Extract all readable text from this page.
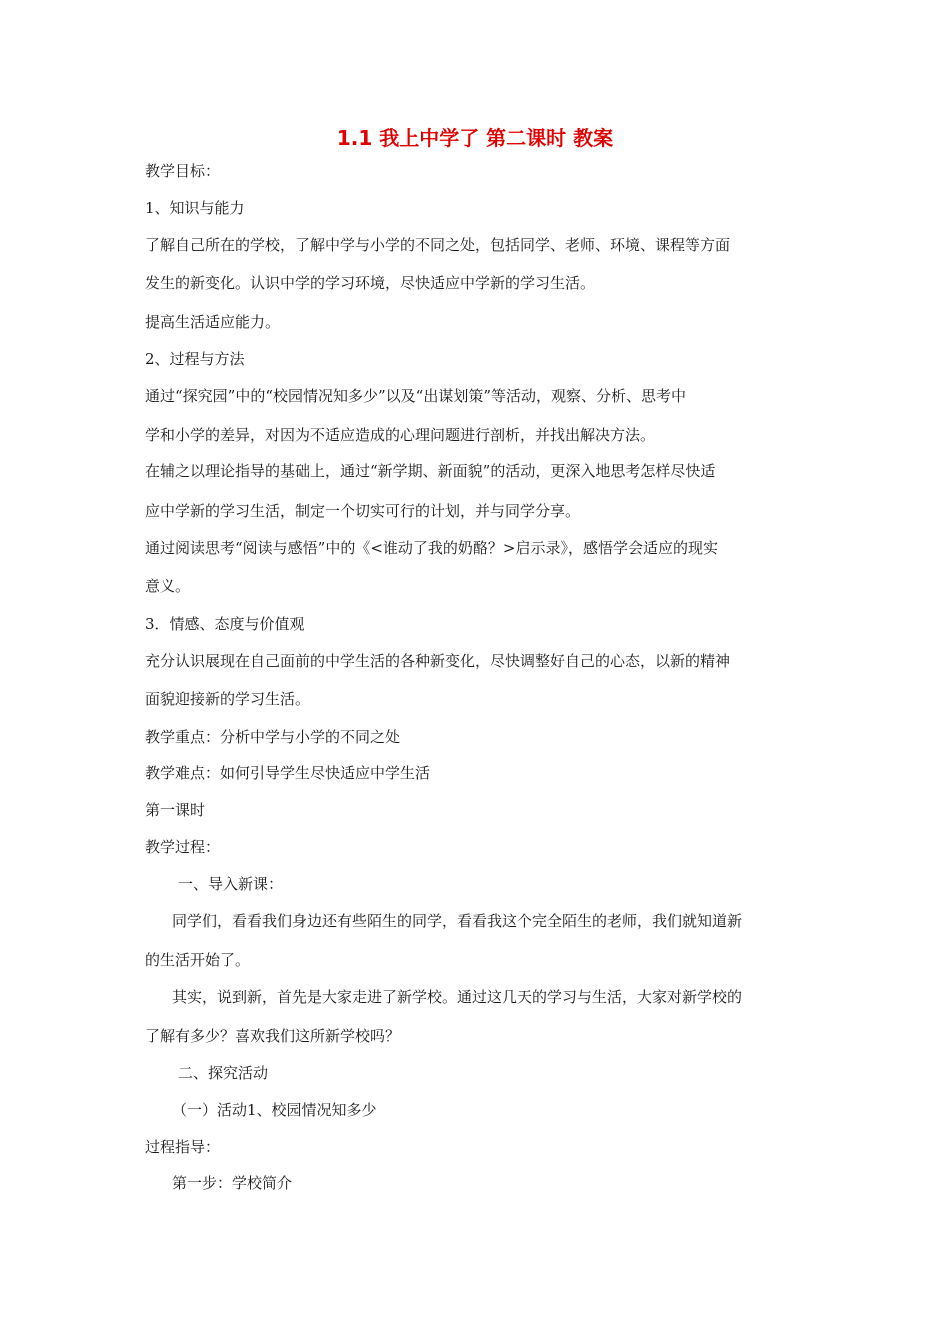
1.1 我上中学了 第二课时 教案
教学目标：
1、知识与能力
了解自己所在的学校，了解中学与小学的不同之处，包括同学、老师、环境、课程等方面
发生的新变化。认识中学的学习环境，尽快适应中学新的学习生活。
提高生活适应能力。
2、过程与方法
通过“探究园”中的“校园情况知多少”以及“出谋划策”等活动，观察、分析、思考中
学和小学的差异，对因为不适应造成的心理问题进行剖析，并找出解决方法。
在辅之以理论指导的基础上，通过“新学期、新面貌”的活动，更深入地思考怎样尽快适
应中学新的学习生活，制定一个切实可行的计划，并与同学分享。
通过阅读思考“阅读与感悟”中的《<谁动了我的奶酪？>启示录》，感悟学会适应的现实
意义。
3．情感、态度与价值观
充分认识展现在自己面前的中学生活的各种新变化，尽快调整好自己的心态，以新的精神
面貌迎接新的学习生活。
教学重点：分析中学与小学的不同之处
教学难点：如何引导学生尽快适应中学生活
第一课时
教学过程：
一、导入新课：
同学们，看看我们身边还有些陌生的同学，看看我这个完全陌生的老师，我们就知道新
的生活开始了。
其实，说到新，首先是大家走进了新学校。通过这几天的学习与生活，大家对新学校的
了解有多少？喜欢我们这所新学校吗？
二、探究活动
（一）活动1、校园情况知多少
过程指导：
第一步：学校简介
